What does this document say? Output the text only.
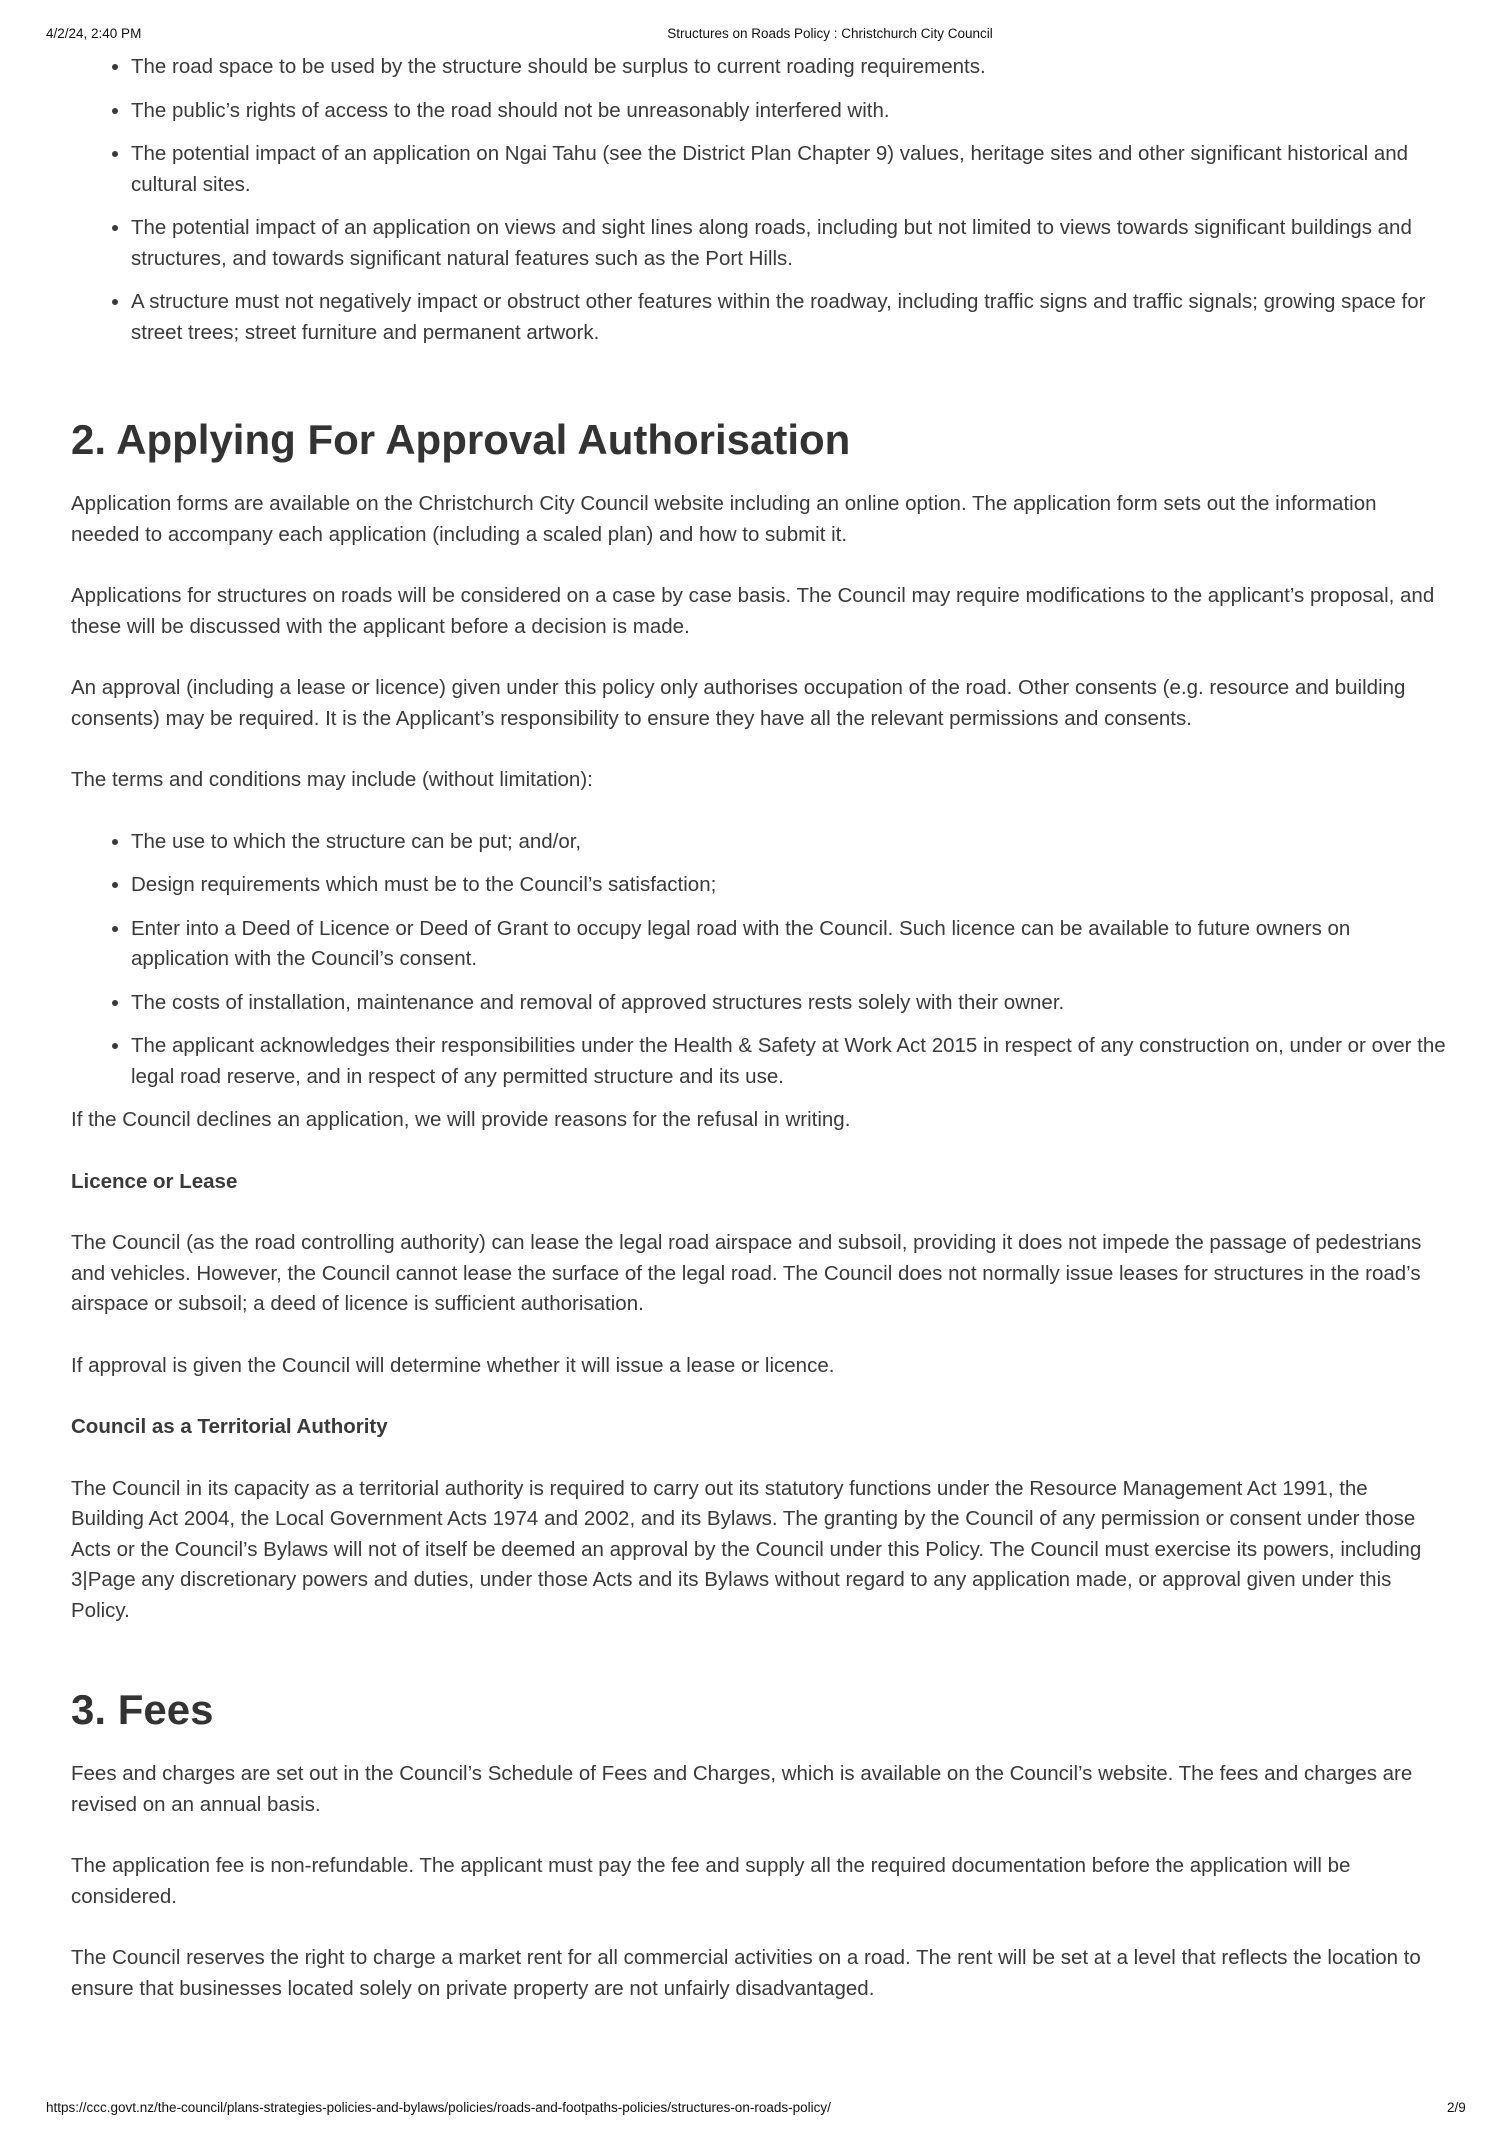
4/2/24, 2:40 PM	Structures on Roads Policy : Christchurch City Council
• The road space to be used by the structure should be surplus to current roading requirements.
• The public’s rights of access to the road should not be unreasonably interfered with.
• The potential impact of an application on Ngai Tahu (see the District Plan Chapter 9) values, heritage sites and other significant historical and cultural sites.
• The potential impact of an application on views and sight lines along roads, including but not limited to views towards significant buildings and structures, and towards significant natural features such as the Port Hills.
• A structure must not negatively impact or obstruct other features within the roadway, including traffic signs and traffic signals; growing space for street trees; street furniture and permanent artwork.
2. Applying For Approval Authorisation

Application forms are available on the Christchurch City Council website including an online option. The application form sets out the information needed to accompany each application (including a scaled plan) and how to submit it.

Applications for structures on roads will be considered on a case by case basis. The Council may require modifications to the applicant’s proposal, and these will be discussed with the applicant before a decision is made.

An approval (including a lease or licence) given under this policy only authorises occupation of the road. Other consents (e.g. resource and building consents) may be required. It is the Applicant’s responsibility to ensure they have all the relevant permissions and consents.

The terms and conditions may include (without limitation):

• The use to which the structure can be put; and/or,
• Design requirements which must be to the Council’s satisfaction;
• Enter into a Deed of Licence or Deed of Grant to occupy legal road with the Council. Such licence can be available to future owners on application with the Council’s consent.
• The costs of installation, maintenance and removal of approved structures rests solely with their owner.
• The applicant acknowledges their responsibilities under the Health & Safety at Work Act 2015 in respect of any construction on, under or over the legal road reserve, and in respect of any permitted structure and its use.

If the Council declines an application, we will provide reasons for the refusal in writing.

Licence or Lease

The Council (as the road controlling authority) can lease the legal road airspace and subsoil, providing it does not impede the passage of pedestrians and vehicles. However, the Council cannot lease the surface of the legal road. The Council does not normally issue leases for structures in the road’s airspace or subsoil; a deed of licence is sufficient authorisation.

If approval is given the Council will determine whether it will issue a lease or licence.

Council as a Territorial Authority

The Council in its capacity as a territorial authority is required to carry out its statutory functions under the Resource Management Act 1991, the Building Act 2004, the Local Government Acts 1974 and 2002, and its Bylaws. The granting by the Council of any permission or consent under those Acts or the Council’s Bylaws will not of itself be deemed an approval by the Council under this Policy. The Council must exercise its powers, including 3|Page any discretionary powers and duties, under those Acts and its Bylaws without regard to any application made, or approval given under this Policy.

3. Fees

Fees and charges are set out in the Council’s Schedule of Fees and Charges, which is available on the Council’s website. The fees and charges are revised on an annual basis.

The application fee is non-refundable. The applicant must pay the fee and supply all the required documentation before the application will be considered.

The Council reserves the right to charge a market rent for all commercial activities on a road. The rent will be set at a level that reflects the location to ensure that businesses located solely on private property are not unfairly disadvantaged.

https://ccc.govt.nz/the-council/plans-strategies-policies-and-bylaws/policies/roads-and-footpaths-policies/structures-on-roads-policy/	2/9
